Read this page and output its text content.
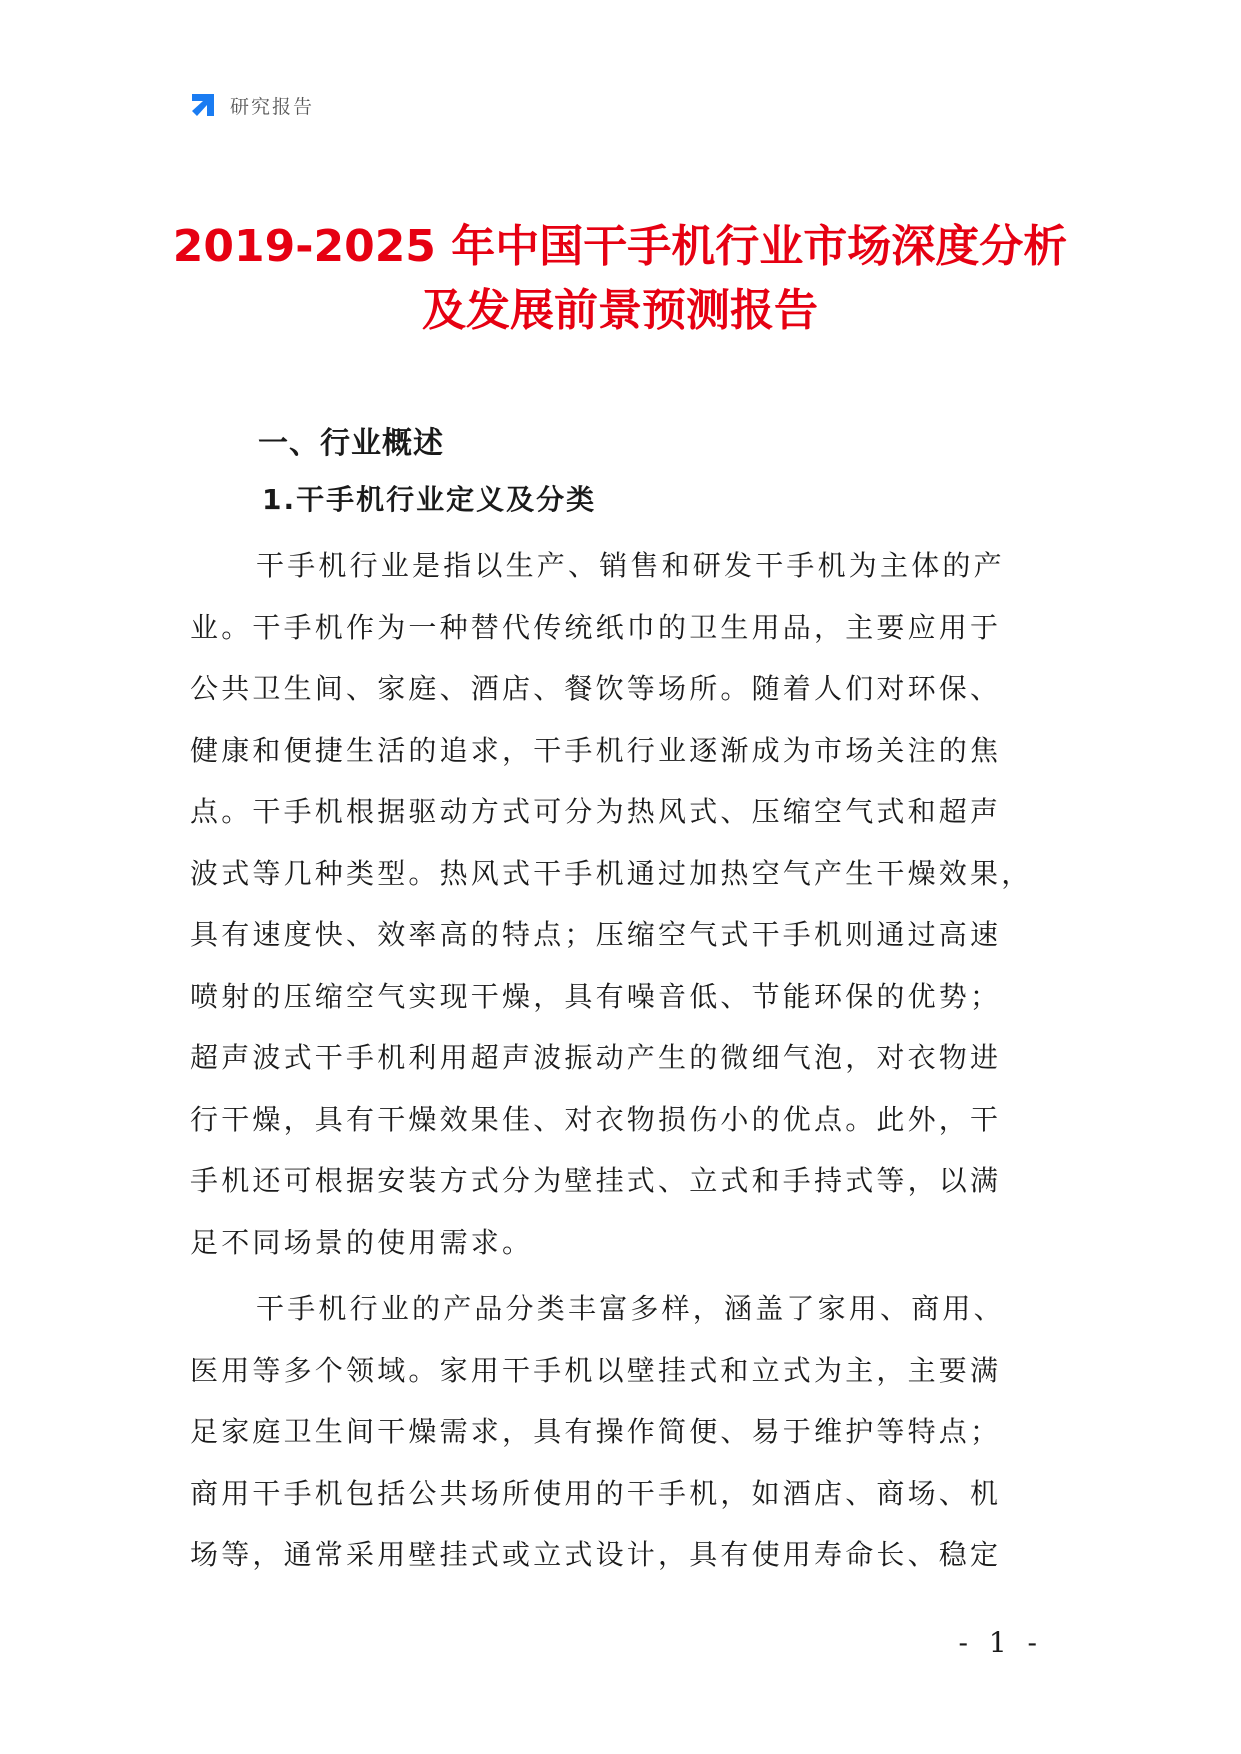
研究报告
2019-2025 年中国干手机行业市场深度分析
及发展前景预测报告
一、行业概述
1.干手机行业定义及分类

干手机行业是指以生产、销售和研发干手机为主体的产
业。干手机作为一种替代传统纸巾的卫生用品，主要应用于
公共卫生间、家庭、酒店、餐饮等场所。随着人们对环保、
健康和便捷生活的追求，干手机行业逐渐成为市场关注的焦
点。干手机根据驱动方式可分为热风式、压缩空气式和超声
波式等几种类型。热风式干手机通过加热空气产生干燥效果，
具有速度快、效率高的特点；压缩空气式干手机则通过高速
喷射的压缩空气实现干燥，具有噪音低、节能环保的优势；
超声波式干手机利用超声波振动产生的微细气泡，对衣物进
行干燥，具有干燥效果佳、对衣物损伤小的优点。此外，干
手机还可根据安装方式分为壁挂式、立式和手持式等，以满
足不同场景的使用需求。

干手机行业的产品分类丰富多样，涵盖了家用、商用、
医用等多个领域。家用干手机以壁挂式和立式为主，主要满
足家庭卫生间干燥需求，具有操作简便、易于维护等特点；
商用干手机包括公共场所使用的干手机，如酒店、商场、机
场等，通常采用壁挂式或立式设计，具有使用寿命长、稳定

- 1 -
